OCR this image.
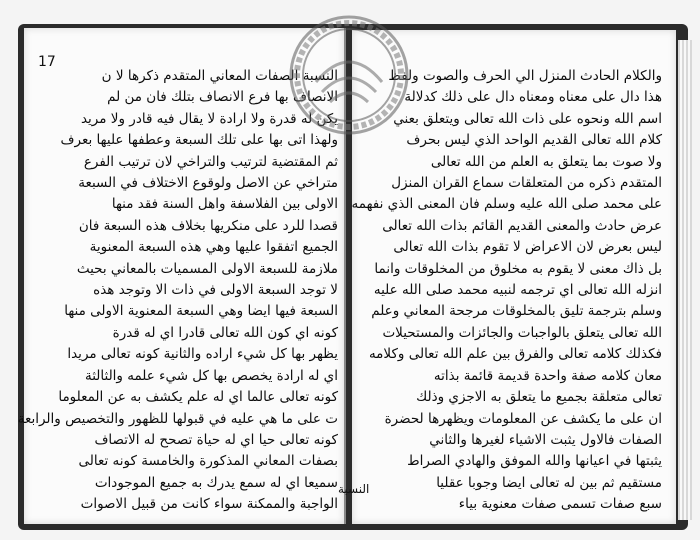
17
النسبة الصفات المعاني المتقدم ذكرها لا ن
الانصاف بها فرع الانصاف بتلك فان من لم
يكن له قدرة ولا ارادة لا يقال فيه قادر ولا مريد
ولهذا اتى بها على تلك السبعة وعطفها عليها بعرف
ثم المقتضية لترتيب والتراخي لان ترتيب الفرع
متراخي عن الاصل ولوقوع الاختلاف في السبعة
الاولى بين الفلاسفة واهل السنة فقد منها
قصدا للرد على منكريها بخلاف هذه السبعة فان
الجميع اتفقوا عليها وهي هذه السبعة المعنوية
ملازمة للسبعة الاولى المسميات بالمعاني بحيث
لا توجد السبعة الاولى في ذات الا وتوجد هذه
السبعة فيها ايضا وهي السبعة المعنوية الاولى منها
كونه اي كون الله تعالى قادرا اي له قدرة
يظهر بها كل شيء اراده والثانية كونه تعالى مريدا
اي له ارادة يخصص بها كل شيء علمه والثالثة
كونه تعالى عالما اي له علم يكشف به عن المعلوما
ت على ما هي عليه في قبولها للظهور والتخصيص والرابعة
كونه تعالى حيا اي له حياة تصحح له الاتصاف
بصفات المعاني المذكورة والخامسة كونه تعالى
سميعا اي له سمع يدرك به جميع الموجودات
الواجبة والممكنة سواء كانت من قبيل الاصوات
والكلام الحادث المنزل الي الحرف والصوت ولفظ
هذا دال على معناه ومعناه دال على ذلك كدلالة
اسم الله ونحوه على ذات الله تعالى ويتعلق بعني
كلام الله تعالى القديم الواحد الذي ليس بحرف
ولا صوت بما يتعلق به العلم من الله تعالى
المتقدم ذكره من المتعلقات سماع القران المنزل
على محمد صلى الله عليه وسلم فان المعنى الذي نفهمه
عرض حادث والمعنى القديم القائم بذات الله تعالى
ليس بعرض لان الاعراض لا تقوم بذات الله تعالى
بل ذاك معنى لا يقوم به مخلوق من المخلوقات وانما
انزله الله تعالى اي ترجمه لنبيه محمد صلى الله عليه
وسلم بترجمة تليق بالمخلوقات مرجحة المعاني وعلم
الله تعالى يتعلق بالواجبات والجائزات والمستحيلات
فكذلك كلامه تعالى والفرق بين علم الله تعالى وكلامه
معان كلامه صفة واحدة قديمة قائمة بذاته
تعالى متعلقة بجميع ما يتعلق به الاجزي وذلك
ان على ما يكشف عن المعلومات ويظهرها لحضرة
الصفات فالاول يثبت الاشياء لغيرها والثاني
يثبتها في اعيانها والله الموفق والهادي الصراط
مستقيم ثم بين له تعالى ايضا وجوبا عقليا
سبع صفات تسمى صفات معنوية بياء
النسبة
